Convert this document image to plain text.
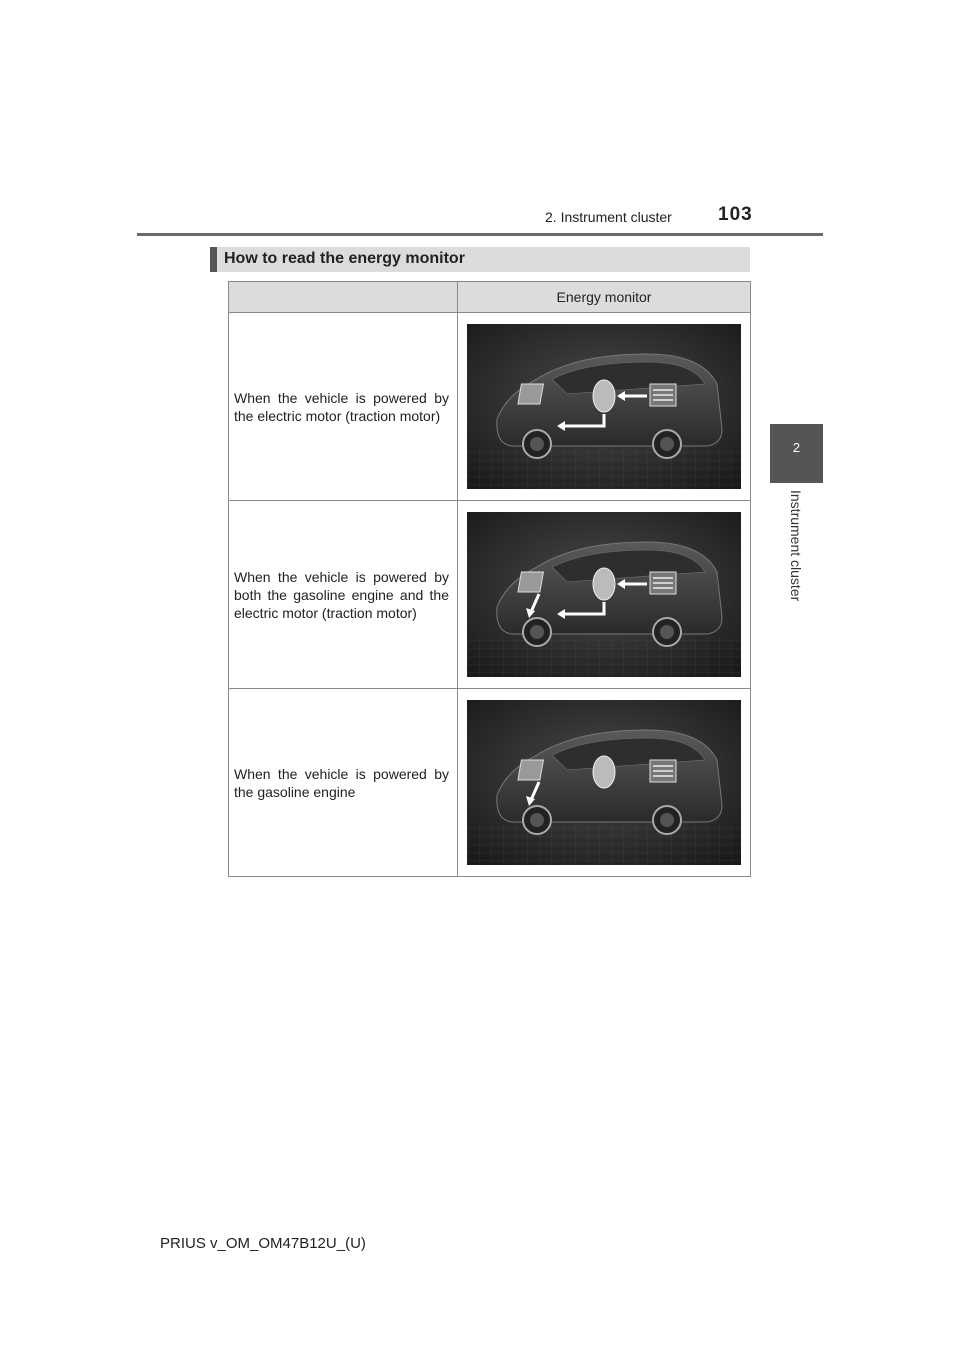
2. Instrument cluster 103
2
Instrument cluster
How to read the energy monitor
	Energy monitor
When the vehicle is powered by the electric motor (traction motor)	

When the vehicle is powered by both the gasoline engine and the electric motor (traction motor)	

When the vehicle is powered by the gasoline engine	
PRIUS v_OM_OM47B12U_(U)
